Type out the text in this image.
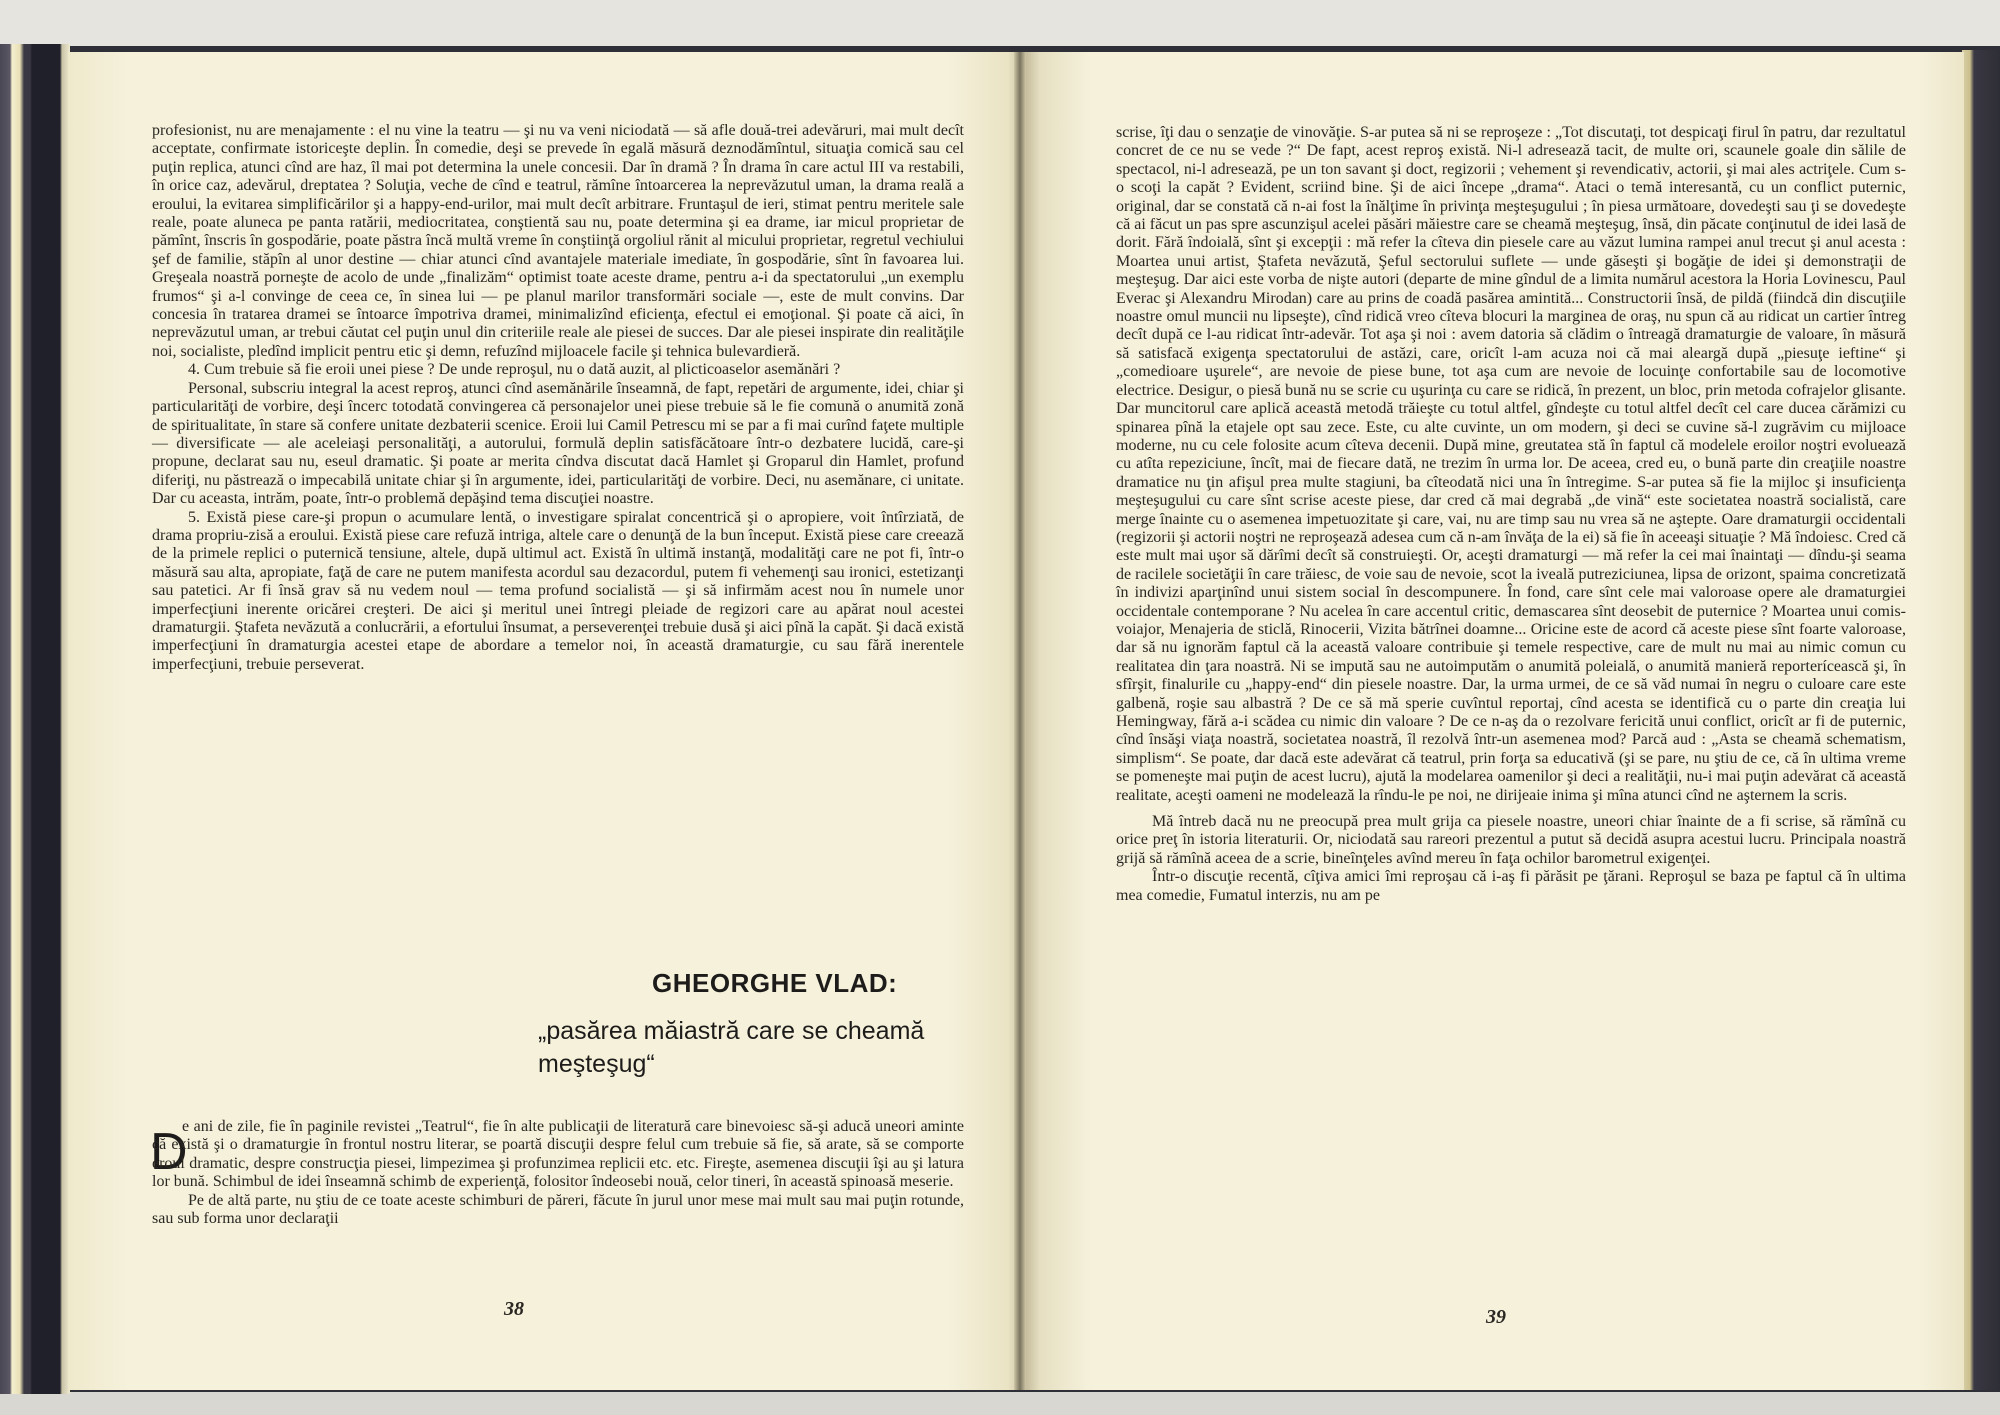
profesionist, nu are menajamente : el nu vine la teatru — şi nu va veni niciodată — să afle două-trei adevăruri, mai mult decît acceptate, confirmate istoriceşte deplin. În comedie, deşi se prevede în egală măsură deznodămîntul, situaţia comică sau cel puţin replica, atunci cînd are haz, îl mai pot determina la unele concesii. Dar în dramă ? În drama în care actul III va restabili, în orice caz, adevărul, dreptatea ? Soluţia, veche de cînd e teatrul, rămîne întoarcerea la neprevăzutul uman, la drama reală a eroului, la evitarea simplificărilor şi a happy-end-urilor, mai mult decît arbitrare. Fruntaşul de ieri, stimat pentru meritele sale reale, poate aluneca pe panta ratării, mediocritatea, conştientă sau nu, poate determina şi ea drame, iar micul proprietar de pămînt, înscris în gospodărie, poate păstra încă multă vreme în conştiinţă orgoliul rănit al micului proprietar, regretul vechiului şef de familie, stăpîn al unor destine — chiar atunci cînd avantajele materiale imediate, în gospodărie, sînt în favoarea lui. Greşeala noastră porneşte de acolo de unde „finalizăm“ optimist toate aceste drame, pentru a-i da spectatorului „un exemplu frumos“ şi a-l convinge de ceea ce, în sinea lui — pe planul marilor transformări sociale —, este de mult convins. Dar concesia în tratarea dramei se întoarce împotriva dramei, minimalizînd eficienţa, efectul ei emoţional. Şi poate că aici, în neprevăzutul uman, ar trebui căutat cel puţin unul din criteriile reale ale piesei de succes. Dar ale piesei inspirate din realităţile noi, socialiste, pledînd implicit pentru etic şi demn, refuzînd mijloacele facile şi tehnica bulevardieră.

4. Cum trebuie să fie eroii unei piese ? De unde reproşul, nu o dată auzit, al plicticoaselor asemănări ?

Personal, subscriu integral la acest reproş, atunci cînd asemănările înseamnă, de fapt, repetări de argumente, idei, chiar şi particularităţi de vorbire, deşi încerc totodată convingerea că personajelor unei piese trebuie să le fie comună o anumită zonă de spiritualitate, în stare să confere unitate dezbaterii scenice. Eroii lui Camil Petrescu mi se par a fi mai curînd faţete multiple — diversificate — ale aceleiaşi personalităţi, a autorului, formulă deplin satisfăcătoare într-o dezbatere lucidă, care-şi propune, declarat sau nu, eseul dramatic. Şi poate ar merita cîndva discutat dacă Hamlet şi Groparul din Hamlet, profund diferiţi, nu păstrează o impecabilă unitate chiar şi în argumente, idei, particularităţi de vorbire. Deci, nu asemănare, ci unitate. Dar cu aceasta, intrăm, poate, într-o problemă depăşind tema discuţiei noastre.

5. Există piese care-şi propun o acumulare lentă, o investigare spiralat concentrică şi o apropiere, voit întîrziată, de drama propriu-zisă a eroului. Există piese care refuză intriga, altele care o denunţă de la bun început. Există piese care creează de la primele replici o puternică tensiune, altele, după ultimul act. Există în ultimă instanţă, modalităţi care ne pot fi, într-o măsură sau alta, apropiate, faţă de care ne putem manifesta acordul sau dezacordul, putem fi vehemenţi sau ironici, estetizanţi sau patetici. Ar fi însă grav să nu vedem noul — tema profund socialistă — şi să infirmăm acest nou în numele unor imperfecţiuni inerente oricărei creşteri. De aici şi meritul unei întregi pleiade de regizori care au apărat noul acestei dramaturgii. Ştafeta nevăzută a conlucrării, a efortului însumat, a perseverenţei trebuie dusă şi aici pînă la capăt. Şi dacă există imperfecţiuni în dramaturgia acestei etape de abordare a temelor noi, în această dramaturgie, cu sau fără inerentele imperfecţiuni, trebuie perseverat.

GHEORGHE VLAD:
„pasărea măiastră care se cheamă meşteşug“
D

e ani de zile, fie în paginile revistei „Teatrul“, fie în alte publicaţii de literatură care binevoiesc să-şi aducă uneori aminte că există şi o dramaturgie în frontul nostru literar, se poartă discuţii despre felul cum trebuie să fie, să arate, să se comporte eroul dramatic, despre construcţia piesei, limpezimea şi profunzimea replicii etc. etc. Fireşte, asemenea discuţii îşi au şi latura lor bună. Schimbul de idei înseamnă schimb de experienţă, folositor îndeosebi nouă, celor tineri, în această spinoasă meserie.

Pe de altă parte, nu ştiu de ce toate aceste schimburi de păreri, făcute în jurul unor mese mai mult sau mai puţin rotunde, sau sub forma unor declaraţii

38

scrise, îţi dau o senzaţie de vinovăţie. S-ar putea să ni se reproşeze : „Tot discutaţi, tot despicaţi firul în patru, dar rezultatul concret de ce nu se vede ?“ De fapt, acest reproş există. Ni-l adresează tacit, de multe ori, scaunele goale din sălile de spectacol, ni-l adresează, pe un ton savant şi doct, regizorii ; vehement şi revendicativ, actorii, şi mai ales actriţele. Cum s-o scoţi la capăt ? Evident, scriind bine. Şi de aici începe „drama“. Ataci o temă interesantă, cu un conflict puternic, original, dar se constată că n-ai fost la înălţime în privinţa meşteşugului ; în piesa următoare, dovedeşti sau ţi se dovedeşte că ai făcut un pas spre ascunzişul acelei păsări măiestre care se cheamă meşteşug, însă, din păcate conţinutul de idei lasă de dorit. Fără îndoială, sînt şi excepţii : mă refer la cîteva din piesele care au văzut lumina rampei anul trecut şi anul acesta : Moartea unui artist, Ştafeta nevăzută, Şeful sectorului suflete — unde găseşti şi bogăţie de idei şi demonstraţii de meşteşug. Dar aici este vorba de nişte autori (departe de mine gîndul de a limita numărul acestora la Horia Lovinescu, Paul Everac şi Alexandru Mirodan) care au prins de coadă pasărea amintită... Constructorii însă, de pildă (fiindcă din discuţiile noastre omul muncii nu lipseşte), cînd ridică vreo cîteva blocuri la marginea de oraş, nu spun că au ridicat un cartier întreg decît după ce l-au ridicat într-adevăr. Tot aşa şi noi : avem datoria să clădim o întreagă dramaturgie de valoare, în măsură să satisfacă exigenţa spectatorului de astăzi, care, oricît l-am acuza noi că mai aleargă după „piesuţe ieftine“ şi „comedioare uşurele“, are nevoie de piese bune, tot aşa cum are nevoie de locuinţe confortabile sau de locomotive electrice. Desigur, o piesă bună nu se scrie cu uşurinţa cu care se ridică, în prezent, un bloc, prin metoda cofrajelor glisante. Dar muncitorul care aplică această metodă trăieşte cu totul altfel, gîndeşte cu totul altfel decît cel care ducea cărămizi cu spinarea pînă la etajele opt sau zece. Este, cu alte cuvinte, un om modern, şi deci se cuvine să-l zugrăvim cu mijloace moderne, nu cu cele folosite acum cîteva decenii. După mine, greutatea stă în faptul că modelele eroilor noştri evoluează cu atîta repeziciune, încît, mai de fiecare dată, ne trezim în urma lor. De aceea, cred eu, o bună parte din creaţiile noastre dramatice nu ţin afişul prea multe stagiuni, ba cîteodată nici una în întregime. S-ar putea să fie la mijloc şi insuficienţa meşteşugului cu care sînt scrise aceste piese, dar cred că mai degrabă „de vină“ este societatea noastră socialistă, care merge înainte cu o asemenea impetuozitate şi care, vai, nu are timp sau nu vrea să ne aştepte. Oare dramaturgii occidentali (regizorii şi actorii noştri ne reproşează adesea cum că n-am învăţa de la ei) să fie în aceeaşi situaţie ? Mă îndoiesc. Cred că este mult mai uşor să dărîmi decît să construieşti. Or, aceşti dramaturgi — mă refer la cei mai înaintaţi — dîndu-şi seama de racilele societăţii în care trăiesc, de voie sau de nevoie, scot la iveală putreziciunea, lipsa de orizont, spaima concretizată în indivizi aparţinînd unui sistem social în descompunere. În fond, care sînt cele mai valoroase opere ale dramaturgiei occidentale contemporane ? Nu acelea în care accentul critic, demascarea sînt deosebit de puternice ? Moartea unui comis-voiajor, Menajeria de sticlă, Rinocerii, Vizita bătrînei doamne... Oricine este de acord că aceste piese sînt foarte valoroase, dar să nu ignorăm faptul că la această valoare contribuie şi temele respective, care de mult nu mai au nimic comun cu realitatea din ţara noastră. Ni se impută sau ne autoimputăm o anumită poleială, o anumită manieră reporterícească şi, în sfîrşit, finalurile cu „happy-end“ din piesele noastre. Dar, la urma urmei, de ce să văd numai în negru o culoare care este galbenă, roşie sau albastră ? De ce să mă sperie cuvîntul reportaj, cînd acesta se identifică cu o parte din creaţia lui Hemingway, fără a-i scădea cu nimic din valoare ? De ce n-aş da o rezolvare fericită unui conflict, oricît ar fi de puternic, cînd însăşi viaţa noastră, societatea noastră, îl rezolvă într-un asemenea mod? Parcă aud : „Asta se cheamă schematism, simplism“. Se poate, dar dacă este adevărat că teatrul, prin forţa sa educativă (şi se pare, nu ştiu de ce, că în ultima vreme se pomeneşte mai puţin de acest lucru), ajută la modelarea oamenilor şi deci a realităţii, nu-i mai puţin adevărat că această realitate, aceşti oameni ne modelează la rîndu-le pe noi, ne dirijeaie inima şi mîna atunci cînd ne aşternem la scris.

Mă întreb dacă nu ne preocupă prea mult grija ca piesele noastre, uneori chiar înainte de a fi scrise, să rămînă cu orice preţ în istoria literaturii. Or, niciodată sau rareori prezentul a putut să decidă asupra acestui lucru. Principala noastră grijă să rămînă aceea de a scrie, bineînţeles avînd mereu în faţa ochilor barometrul exigenţei.

Într-o discuţie recentă, cîţiva amici îmi reproşau că i-aş fi părăsit pe ţărani. Reproşul se baza pe faptul că în ultima mea comedie, Fumatul interzis, nu am pe

39
